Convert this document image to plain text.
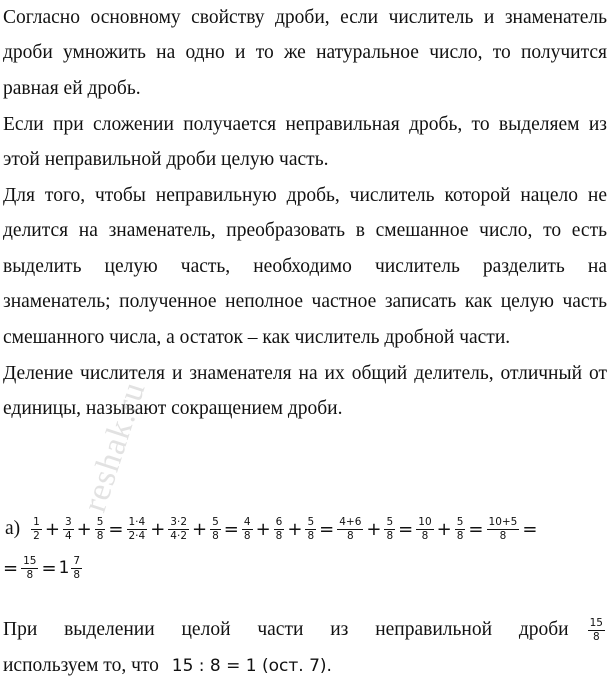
Согласно основному свойству дроби, если числитель и знаменатель дроби умножить на одно и то же натуральное число, то получится равная ей дробь.

Если при сложении получается неправильная дробь, то выделяем из этой неправильной дроби целую часть.

Для того, чтобы неправильную дробь, числитель которой нацело не делится на знаменатель, преобразовать в смешанное число, то есть выделить целую часть, необходимо числитель разделить на знаменатель; полученное неполное частное записать как целую часть смешанного числа, а остаток – как числитель дробной части.

Деление числителя и знаменателя на их общий делитель, отличный от единицы, называют сокращением дроби.

$а) \frac{1}{2} + \frac{3}{4} + \frac{5}{8} = \frac{1\cdot 4}{2\cdot 4} + \frac{3\cdot 2}{4\cdot 2} + \frac{5}{8} = \frac{4}{8} + \frac{6}{8} + \frac{5}{8} = \frac{4+6}{8} + \frac{5}{8} = \frac{10}{8} + \frac{5}{8} = \frac{10+5}{8}$ =
= $\frac{15}{8} = 1 \frac{7}{8}$
При выделении целой части из неправильной дроби $\frac{15}{8}$
используем то, что 15 : 8 = 1 (ост. 7).
reshak.ru
